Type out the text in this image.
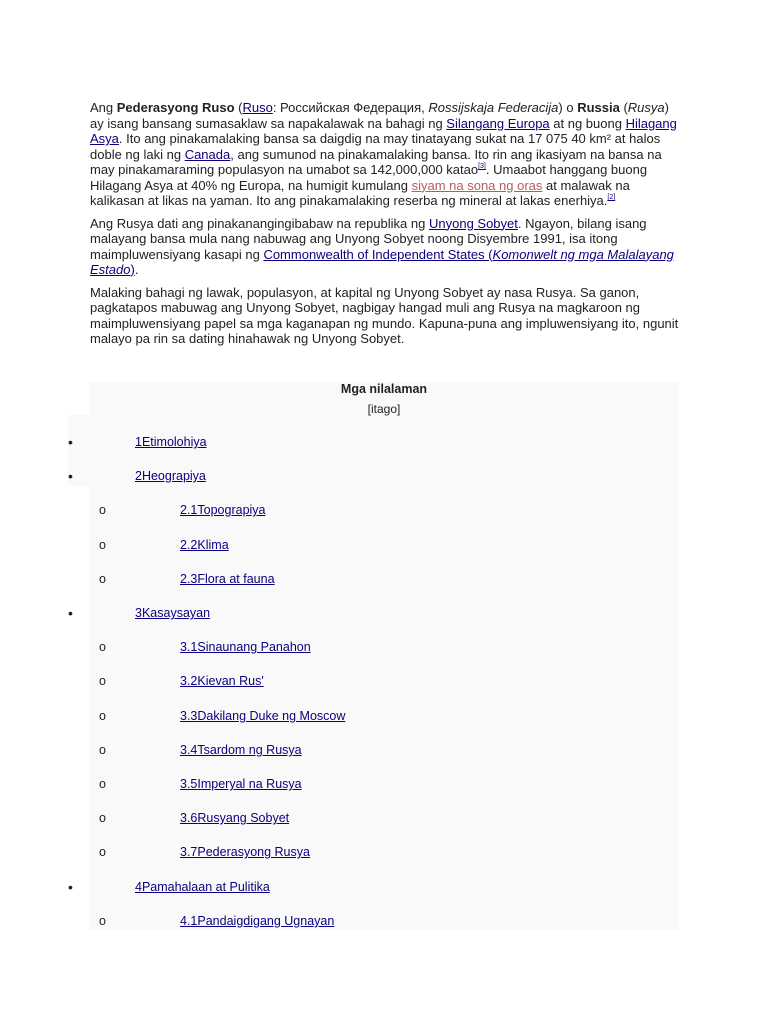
Ang Pederasyong Ruso (Ruso: Российская Федерация, Rossijskaja Federacija) o Russia (Rusya) ay isang bansang sumasaklaw sa napakalawak na bahagi ng Silangang Europa at ng buong Hilagang Asya. Ito ang pinakamalaking bansa sa daigdig na may tinatayang sukat na 17 075 40 km² at halos doble ng laki ng Canada, ang sumunod na pinakamalaking bansa. Ito rin ang ikasiyam na bansa na may pinakamaraming populasyon na umabot sa 142,000,000 katao[3]. Umaabot hanggang buong Hilagang Asya at 40% ng Europa, na humigit kumulang siyam na sona ng oras at malawak na kalikasan at likas na yaman. Ito ang pinakamalaking reserba ng mineral at lakas enerhiya.[2]

Ang Rusya dati ang pinakanangingibabaw na republika ng Unyong Sobyet. Ngayon, bilang isang malayang bansa mula nang nabuwag ang Unyong Sobyet noong Disyembre 1991, isa itong maimpluwensiyang kasapi ng Commonwealth of Independent States (Komonwelt ng mga Malalayang Estado).

Malaking bahagi ng lawak, populasyon, at kapital ng Unyong Sobyet ay nasa Rusya. Sa ganon, pagkatapos mabuwag ang Unyong Sobyet, nagbigay hangad muli ang Rusya na magkaroon ng maimpluwensiyang papel sa mga kaganapan ng mundo. Kapuna-puna ang impluwensiyang ito, ngunit malayo pa rin sa dating hinahawak ng Unyong Sobyet.

Mga nilalaman
[itago]
•	1Etimolohiya
•	2Heograpiya
o	2.1Topograpiya
o	2.2Klima
o	2.3Flora at fauna
•	3Kasaysayan
o	3.1Sinaunang Panahon
o	3.2Kievan Rus'
o	3.3Dakilang Duke ng Moscow
o	3.4Tsardom ng Rusya
o	3.5Imperyal na Rusya
o	3.6Rusyang Sobyet
o	3.7Pederasyong Rusya
•	4Pamahalaan at Pulitika
o	4.1Pandaigdigang Ugnayan
